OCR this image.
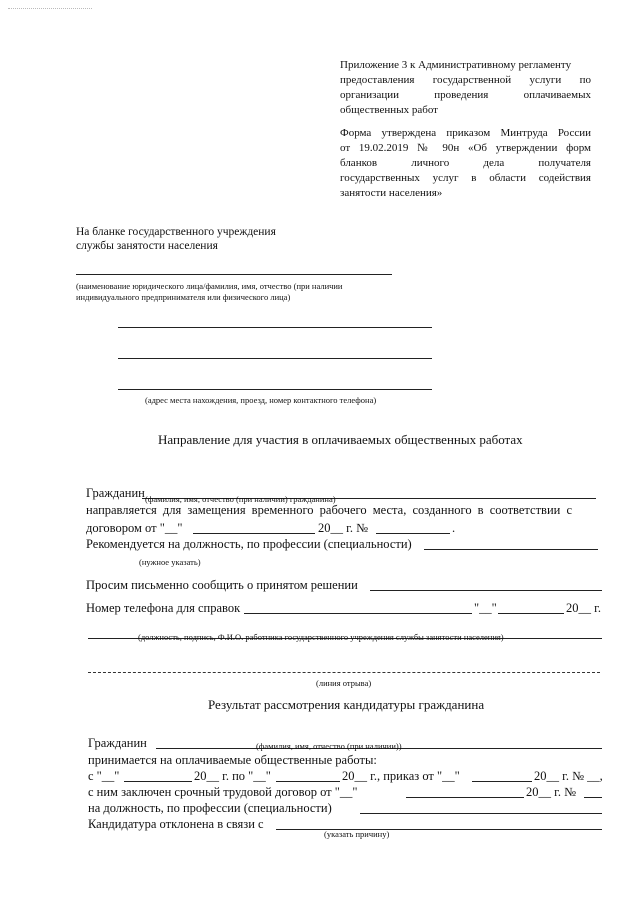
Приложение 3 к Административному регламенту
предоставления государственной услуги по
организации проведения оплачиваемых
общественных работ
Форма утверждена приказом Минтруда России
от 19.02.2019 № 90н «Об утверждении форм
бланков личного дела получателя
государственных услуг в области содействия
занятости населения»
На бланке государственного учреждения
службы занятости населения
(наименование юридического лица/фамилия, имя, отчество (при наличии
индивидуального предпринимателя или физического лица)
(адрес места нахождения, проезд, номер контактного телефона)
Направление для участия в оплачиваемых общественных работах
Гражданин (фамилия, имя, отчество (при наличии) гражданина)
направляется для замещения временного рабочего места, созданного в соответствии с
договором от "__"	20__ г. №	.
Рекомендуется на должность, по профессии (специальности)
(нужное указать)
Просим письменно сообщить о принятом решении
Номер телефона для справок	"__"	20__ г.
(должность, подпись, Ф.И.О. работника государственного учреждения службы занятости населения)
(линия отрыва)
Результат рассмотрения кандидатуры гражданина
Гражданин	(фамилия, имя, отчество (при наличии))
принимается на оплачиваемые общественные работы:
с "__"	20__ г. по "__"	20__ г., приказ от "__"	20__ г. № __,
с ним заключен срочный трудовой договор от "__"	20__ г. №
на должность, по профессии (специальности)
Кандидатура отклонена в связи с
(указать причину)
